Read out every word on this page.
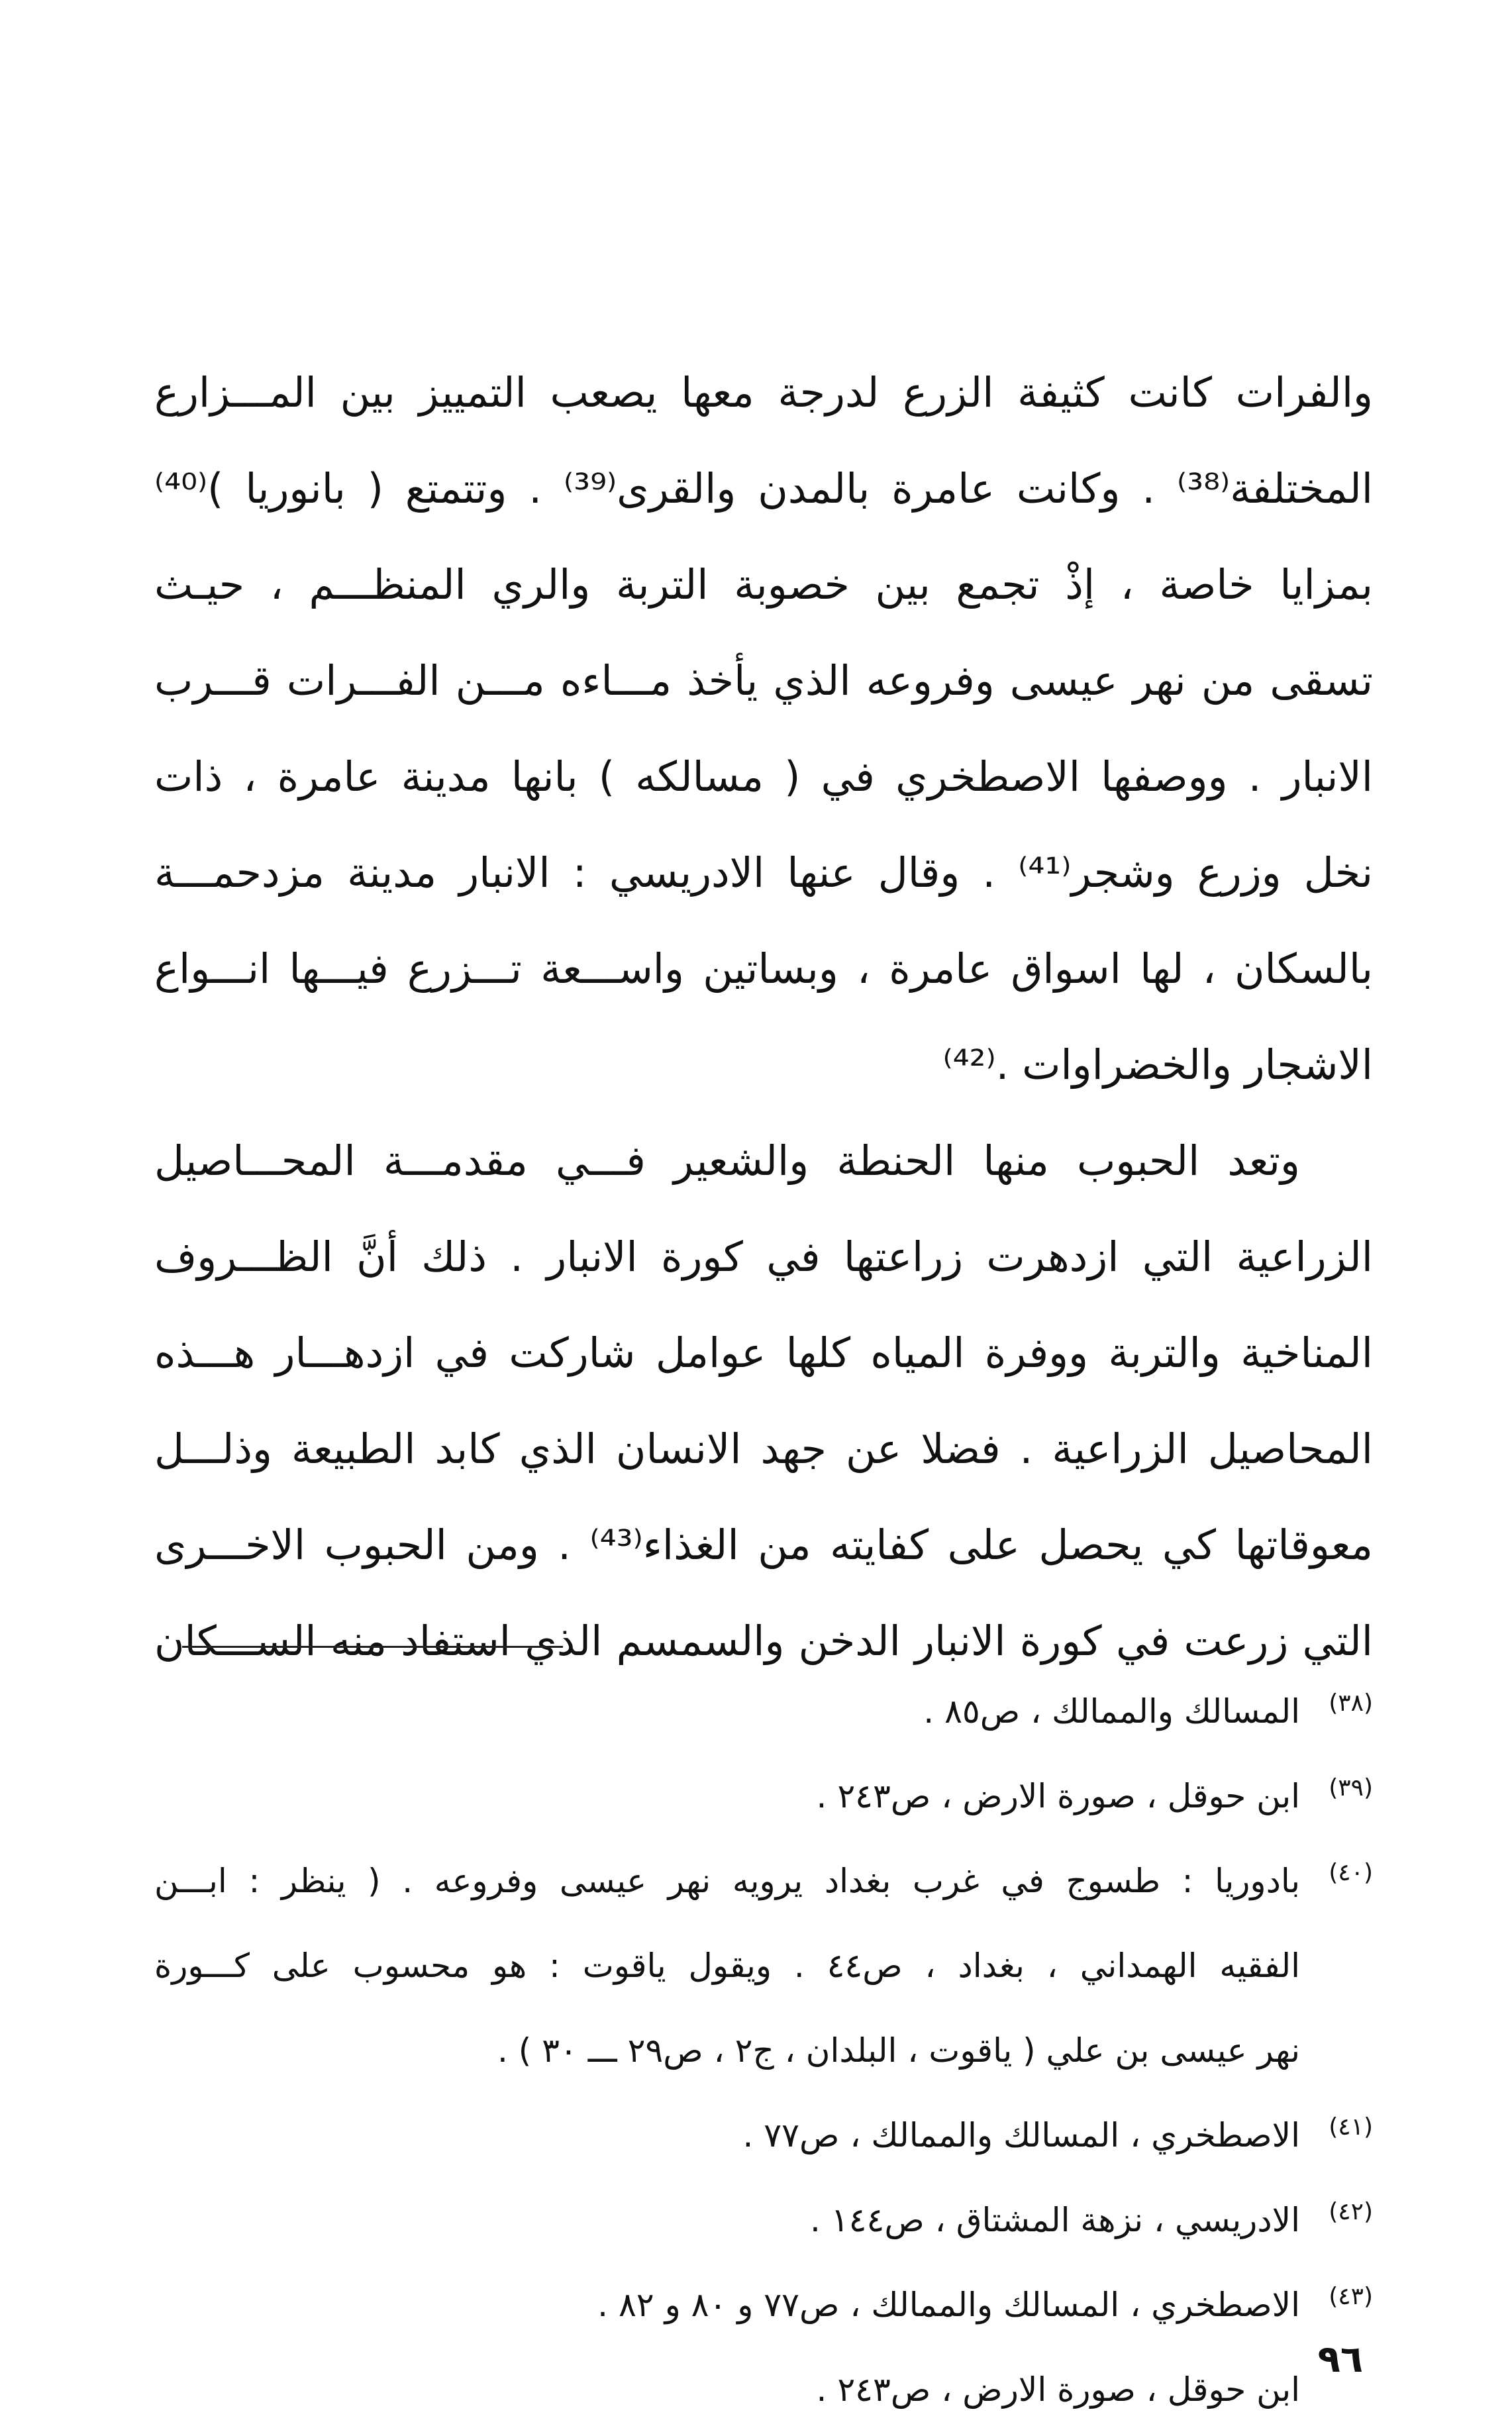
والفرات كانت كثيفة الزرع لدرجة معها يصعب التمييز بين المـــزارع
المختلفة⁽³⁸⁾ . وكانت عامرة بالمدن والقرى⁽³⁹⁾ . وتتمتع ( بانوريا )⁽⁴⁰⁾
بمزايا خاصة ، إذْ تجمع بين خصوبة التربة والري المنظـــم ، حيـث
تسقى من نهر عيسى وفروعه الذي يأخذ مـــاءه مـــن الفـــرات قـــرب
الانبار . ووصفها الاصطخري في ( مسالكه ) بانها مدينة عامرة ، ذات
نخل وزرع وشجر⁽⁴¹⁾ . وقال عنها الادريسي : الانبار مدينة مزدحمـــة
بالسكان ، لها اسواق عامرة ، وبساتين واســـعة تـــزرع فيـــها انـــواع
الاشجار والخضراوات .⁽⁴²⁾
وتعد الحبوب منها الحنطة والشعير فـــي مقدمـــة المحـــاصيل
الزراعية التي ازدهرت زراعتها في كورة الانبار . ذلك أنَّ الظـــروف
المناخية والتربة ووفرة المياه كلها عوامل شاركت في ازدهـــار هـــذه
المحاصيل الزراعية . فضلا عن جهد الانسان الذي كابد الطبيعة وذلـــل
معوقاتها كي يحصل على كفايته من الغذاء⁽⁴³⁾ . ومن الحبوب الاخـــرى
التي زرعت في كورة الانبار الدخن والسمسم الذي استفاد منه الســـكان
(٣٨)
المسالك والممالك ، ص٨٥ .
(٣٩)
ابن حوقل ، صورة الارض ، ص٢٤٣ .
(٤٠)
بادوريا : طسوج في غرب بغداد يرويه نهر عيسى وفروعه . ( ينظر : ابـــن
الفقيه الهمداني ، بغداد ، ص٤٤ . ويقول ياقوت : هو محسوب على كـــورة
نهر عيسى بن علي ( ياقوت ، البلدان ، ج٢ ، ص٢٩ ـــ ٣٠ ) .
(٤١)
الاصطخري ، المسالك والممالك ، ص٧٧ .
(٤٢)
الادريسي ، نزهة المشتاق ، ص١٤٤ .
(٤٣)
الاصطخري ، المسالك والممالك ، ص٧٧ و ٨٠ و ٨٢ .
ابن حوقل ، صورة الارض ، ص٢٤٣ .
٩٦
